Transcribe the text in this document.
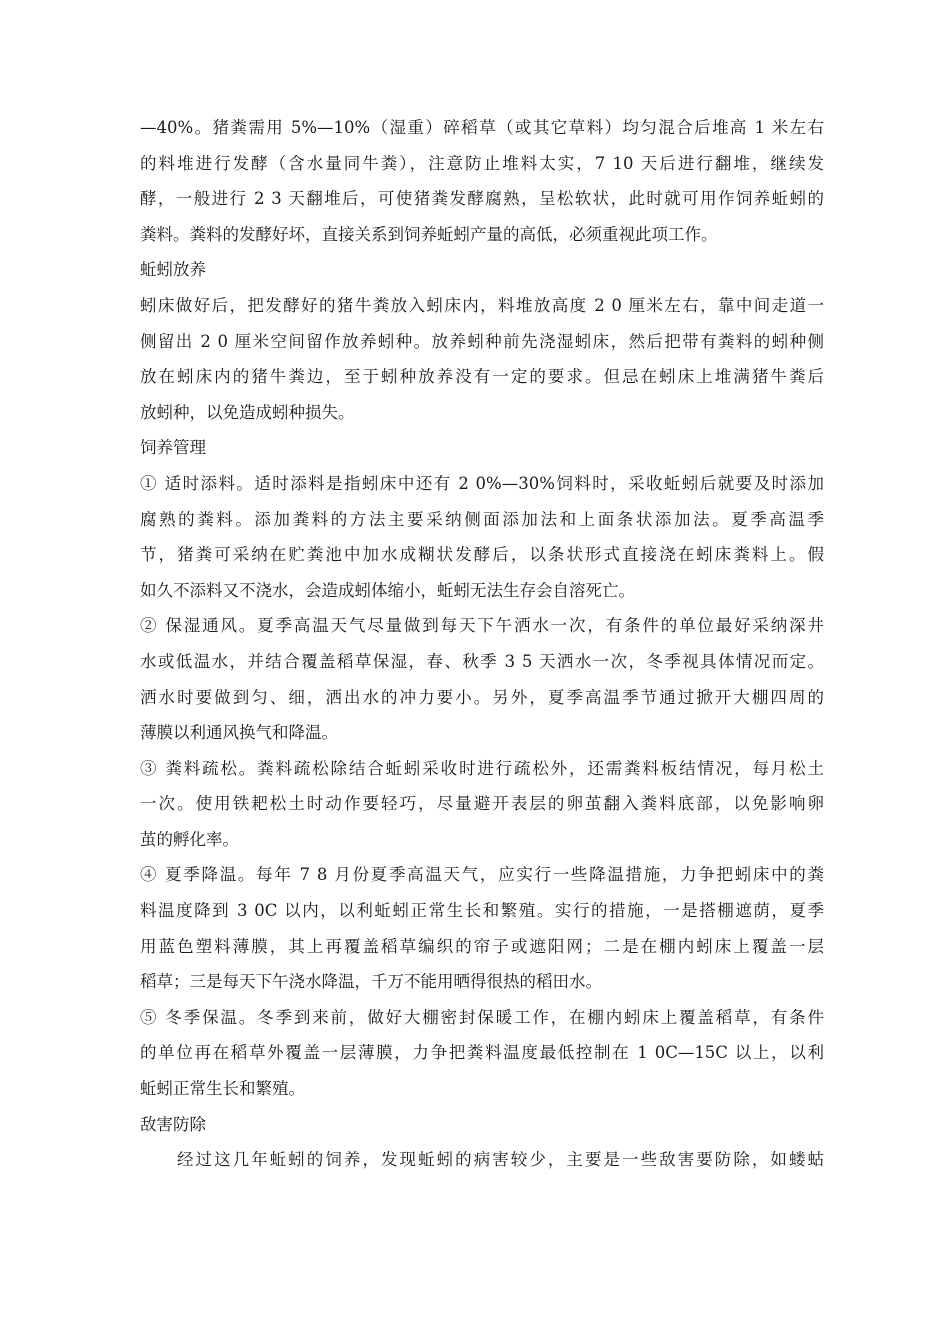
—40%。猪粪需用 5%—10%（湿重）碎稻草（或其它草料）均匀混合后堆高 1 米左右
的料堆进行发酵（含水量同牛粪），注意防止堆料太实，7 10 天后进行翻堆，继续发
酵，一般进行 2 3 天翻堆后，可使猪粪发酵腐熟，呈松软状，此时就可用作饲养蚯蚓的
粪料。粪料的发酵好坏，直接关系到饲养蚯蚓产量的高低，必须重视此项工作。
蚯蚓放养
蚓床做好后，把发酵好的猪牛粪放入蚓床内，料堆放高度 2 0 厘米左右，靠中间走道一
侧留出 2 0 厘米空间留作放养蚓种。放养蚓种前先浇湿蚓床，然后把带有粪料的蚓种侧
放在蚓床内的猪牛粪边，至于蚓种放养没有一定的要求。但忌在蚓床上堆满猪牛粪后
放蚓种，以免造成蚓种损失。
饲养管理
① 适时添料。适时添料是指蚓床中还有 2 0%—30%饲料时，采收蚯蚓后就要及时添加
腐熟的粪料。添加粪料的方法主要采纳侧面添加法和上面条状添加法。夏季高温季
节，猪粪可采纳在贮粪池中加水成糊状发酵后，以条状形式直接浇在蚓床粪料上。假
如久不添料又不浇水，会造成蚓体缩小，蚯蚓无法生存会自溶死亡。
② 保湿通风。夏季高温天气尽量做到每天下午洒水一次，有条件的单位最好采纳深井
水或低温水，并结合覆盖稻草保湿，春、秋季 3 5 天洒水一次，冬季视具体情况而定。
洒水时要做到匀、细，洒出水的冲力要小。另外，夏季高温季节通过掀开大棚四周的
薄膜以利通风换气和降温。
③ 粪料疏松。粪料疏松除结合蚯蚓采收时进行疏松外，还需粪料板结情况，每月松土
一次。使用铁耙松土时动作要轻巧，尽量避开表层的卵茧翻入粪料底部，以免影响卵
茧的孵化率。
④ 夏季降温。每年 7 8 月份夏季高温天气，应实行一些降温措施，力争把蚓床中的粪
料温度降到 3 0C 以内，以利蚯蚓正常生长和繁殖。实行的措施，一是搭棚遮荫，夏季
用蓝色塑料薄膜，其上再覆盖稻草编织的帘子或遮阳网；二是在棚内蚓床上覆盖一层
稻草；三是每天下午浇水降温，千万不能用晒得很热的稻田水。
⑤ 冬季保温。冬季到来前，做好大棚密封保暖工作，在棚内蚓床上覆盖稻草，有条件
的单位再在稻草外覆盖一层薄膜，力争把粪料温度最低控制在 1 0C—15C 以上，以利
蚯蚓正常生长和繁殖。
敌害防除
经过这几年蚯蚓的饲养，发现蚯蚓的病害较少，主要是一些敌害要防除，如蝼蛄
